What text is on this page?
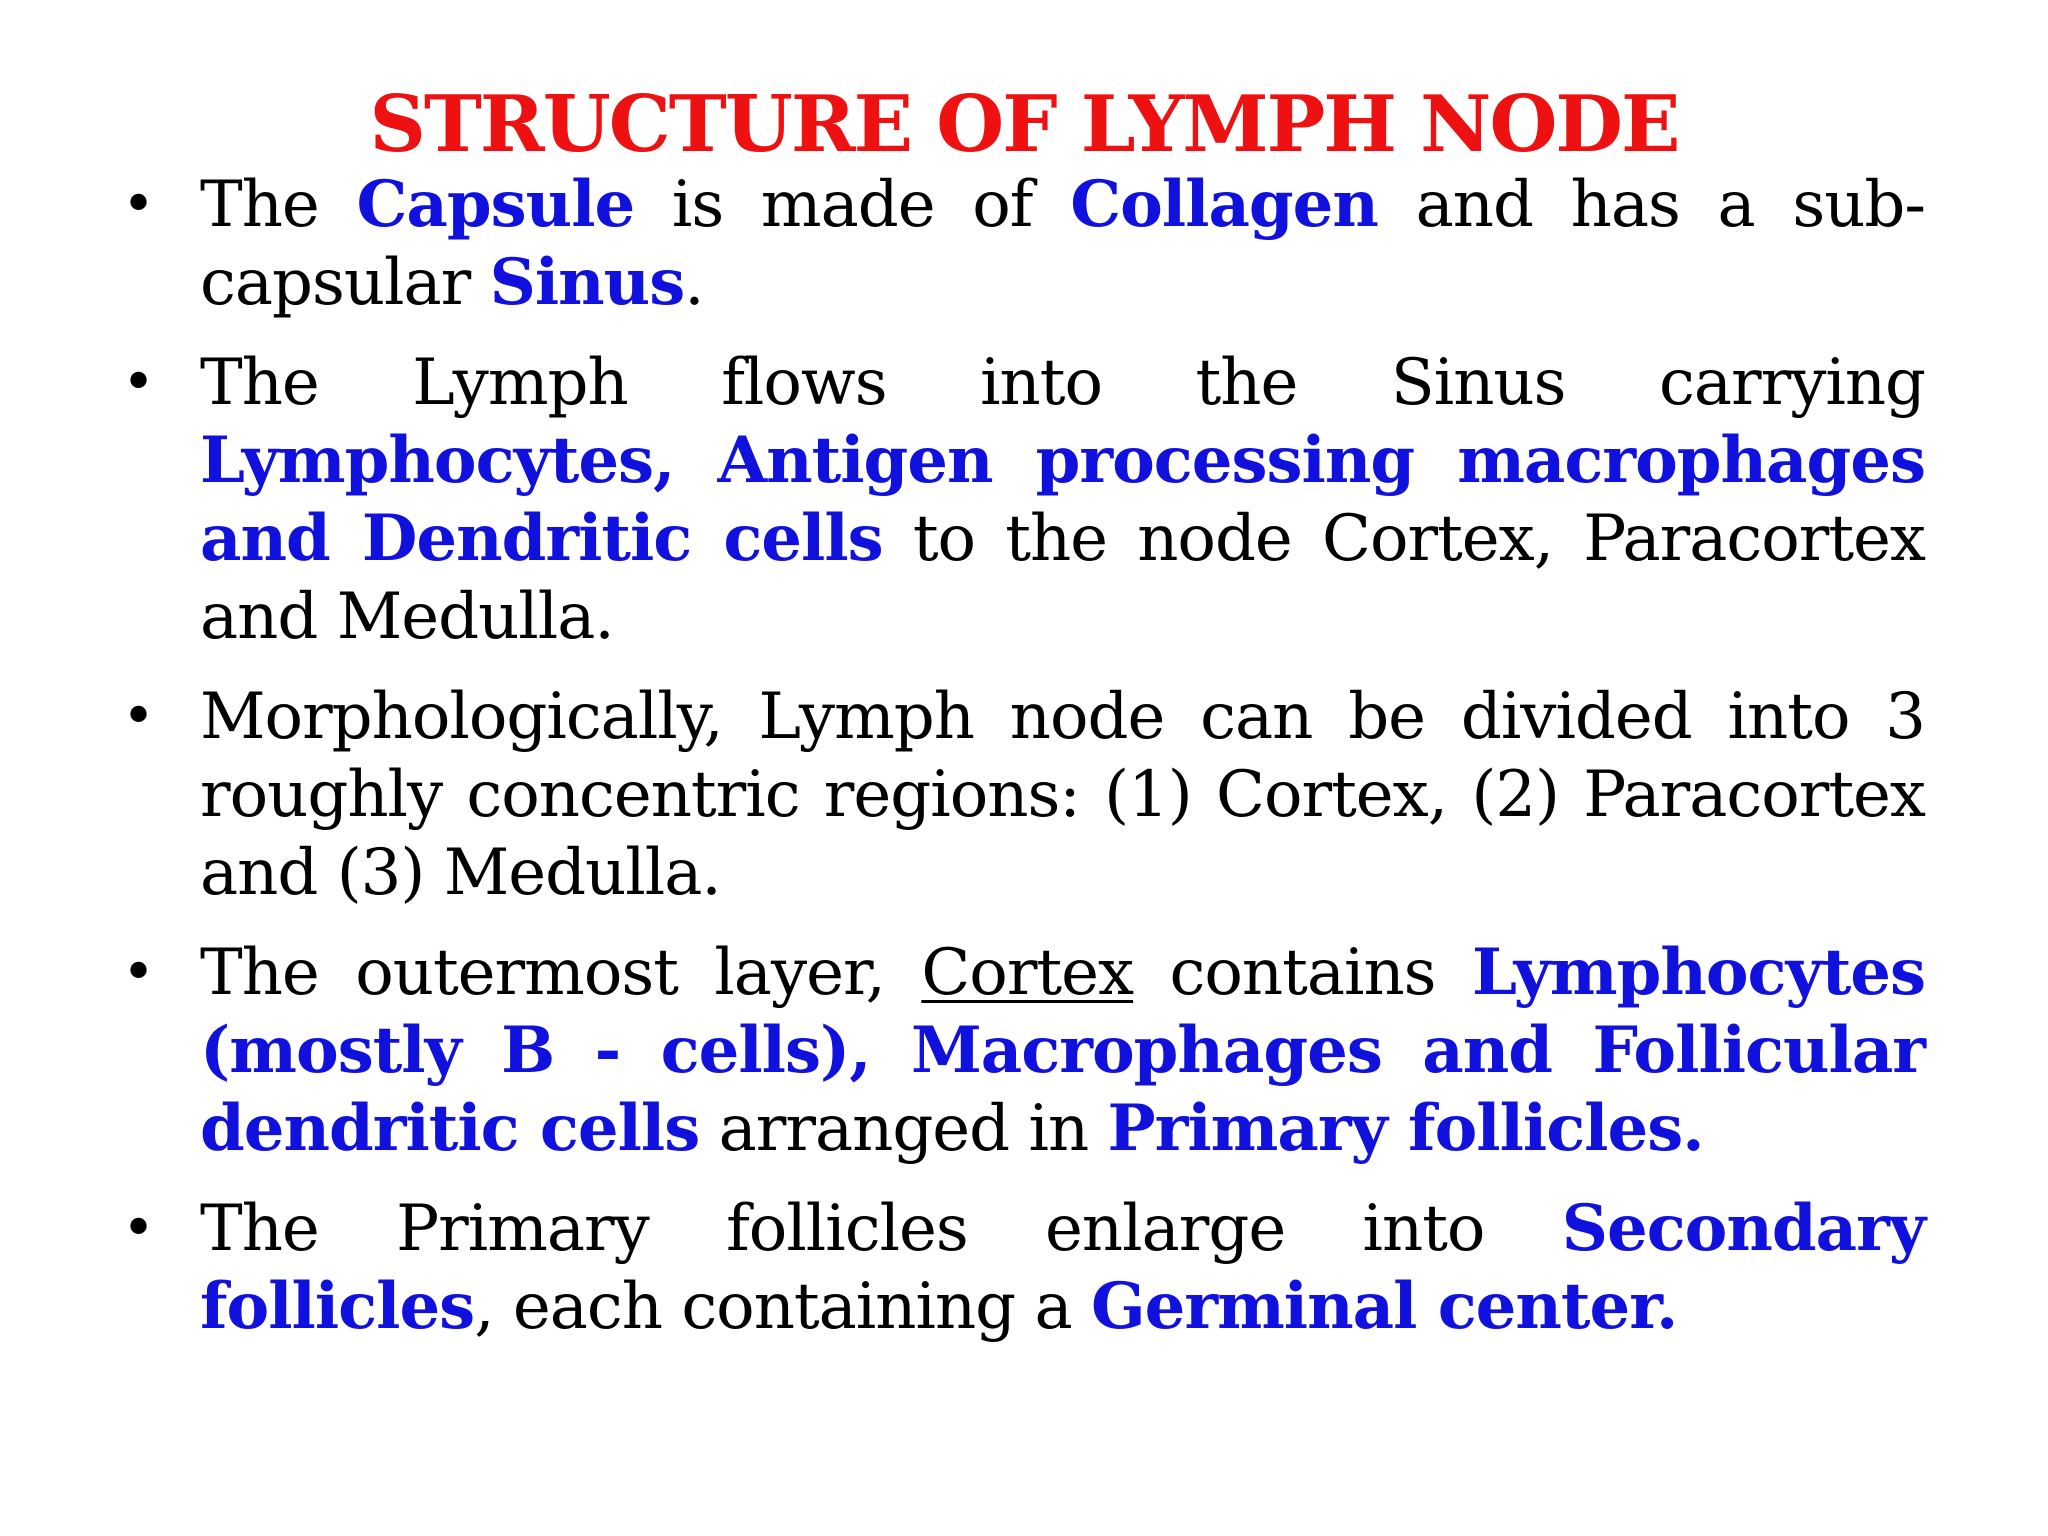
STRUCTURE OF LYMPH NODE
• The Capsule is made of Collagen and has a sub-capsular Sinus.
• The Lymph flows into the Sinus carrying Lymphocytes, Antigen processing macrophages and Dendritic cells to the node Cortex, Paracortex and Medulla.
• Morphologically, Lymph node can be divided into 3 roughly concentric regions: (1) Cortex, (2) Paracortex and (3) Medulla.
• The outermost layer, Cortex contains Lymphocytes (mostly B - cells), Macrophages and Follicular dendritic cells arranged in Primary follicles.
• The Primary follicles enlarge into Secondary follicles, each containing a Germinal center.
